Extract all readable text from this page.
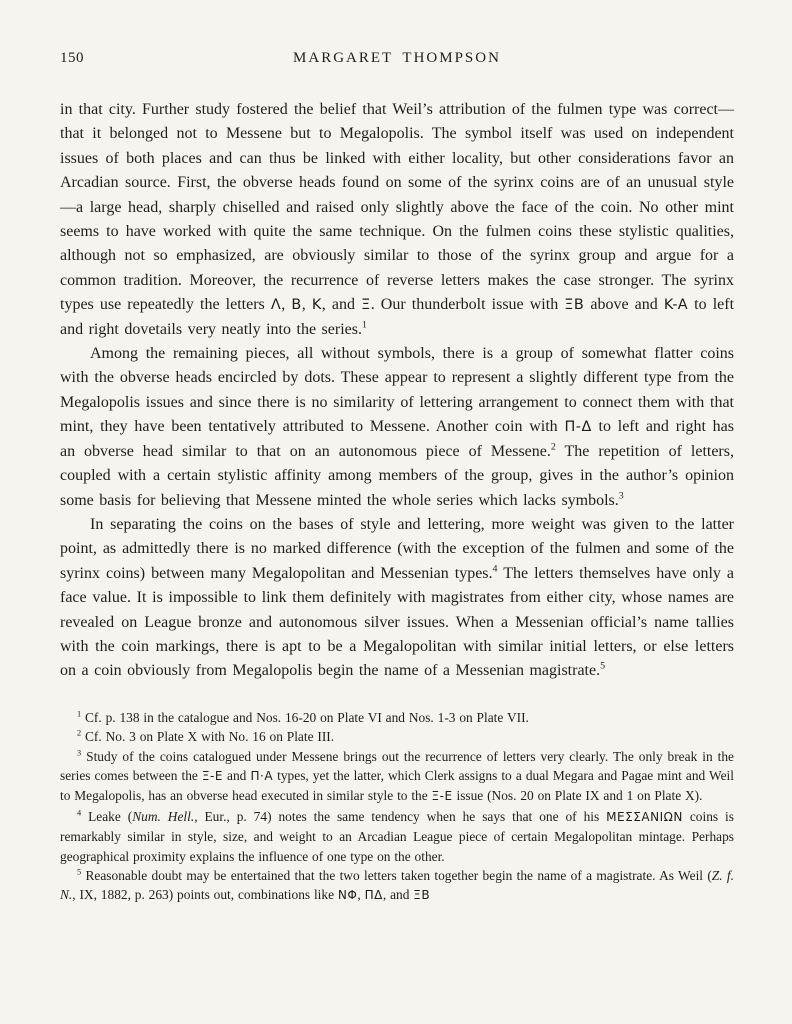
150	MARGARET THOMPSON

in that city. Further study fostered the belief that Weil’s attribution of the fulmen type was correct—that it belonged not to Messene but to Megalopolis. The symbol itself was used on independent issues of both places and can thus be linked with either locality, but other considerations favor an Arcadian source. First, the obverse heads found on some of the syrinx coins are of an unusual style—a large head, sharply chiselled and raised only slightly above the face of the coin. No other mint seems to have worked with quite the same technique. On the fulmen coins these stylistic qualities, although not so emphasized, are obviously similar to those of the syrinx group and argue for a common tradition. Moreover, the recurrence of reverse letters makes the case stronger. The syrinx types use repeatedly the letters Λ, B, K, and Ξ. Our thunderbolt issue with ΞB above and K-A to left and right dovetails very neatly into the series.$^1$

Among the remaining pieces, all without symbols, there is a group of somewhat flatter coins with the obverse heads encircled by dots. These appear to represent a slightly different type from the Megalopolis issues and since there is no similarity of lettering arrangement to connect them with that mint, they have been tentatively attributed to Messene. Another coin with Π-Δ to left and right has an obverse head similar to that on an autonomous piece of Messene.$^2$ The repetition of letters, coupled with a certain stylistic affinity among members of the group, gives in the author’s opinion some basis for believing that Messene minted the whole series which lacks symbols.$^3$

In separating the coins on the bases of style and lettering, more weight was given to the latter point, as admittedly there is no marked difference (with the exception of the fulmen and some of the syrinx coins) between many Megalopolitan and Messenian types.$^4$ The letters themselves have only a face value. It is impossible to link them definitely with magistrates from either city, whose names are revealed on League bronze and autonomous silver issues. When a Messenian official’s name tallies with the coin markings, there is apt to be a Megalopolitan with similar initial letters, or else letters on a coin obviously from Megalopolis begin the name of a Messenian magistrate.$^5$

$^1$ Cf. p. 138 in the catalogue and Nos. 16-20 on Plate VI and Nos. 1-3 on Plate VII.

$^2$ Cf. No. 3 on Plate X with No. 16 on Plate III.

$^3$ Study of the coins catalogued under Messene brings out the recurrence of letters very clearly. The only break in the series comes between the Ξ-E and Π·A types, yet the latter, which Clerk assigns to a dual Megara and Pagae mint and Weil to Megalopolis, has an obverse head executed in similar style to the Ξ-E issue (Nos. 20 on Plate IX and 1 on Plate X).

$^4$ Leake (Num. Hell., Eur., p. 74) notes the same tendency when he says that one of his ΜΕΣΣΑΝΙΩΝ coins is remarkably similar in style, size, and weight to an Arcadian League piece of certain Megalopolitan mintage. Perhaps geographical proximity explains the influence of one type on the other.

$^5$ Reasonable doubt may be entertained that the two letters taken together begin the name of a magistrate. As Weil (Z. f. N., IX, 1882, p. 263) points out, combinations like ΝΦ, ΠΔ, and ΞB
